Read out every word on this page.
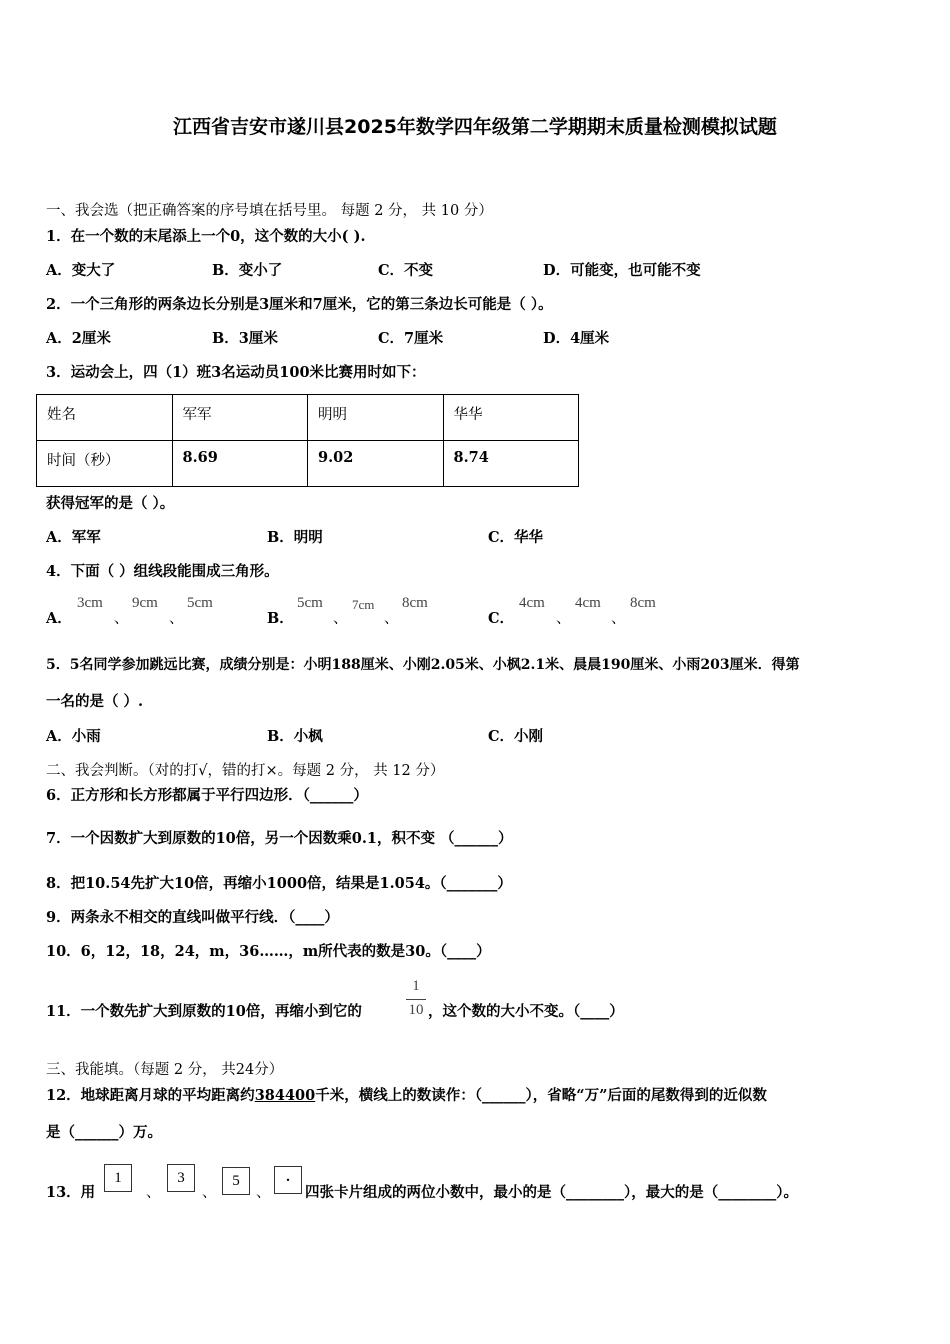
江西省吉安市遂川县2025年数学四年级第二学期期末质量检测模拟试题
一、我会选（把正确答案的序号填在括号里。 每题 2 分， 共 10 分）
1．在一个数的末尾添上一个0，这个数的大小( ).
A．变大了	B．变小了	C．不变	D．可能变，也可能不变
2．一个三角形的两条边长分别是3厘米和7厘米，它的第三条边长可能是（ ）。
A．2厘米	B．3厘米	C．7厘米	D．4厘米
3．运动会上，四（1）班3名运动员100米比赛用时如下：
姓名	军军	明明	华华
时间（秒）	8.69	9.02	8.74
获得冠军的是（ ）。
A．军军	B．明明	C．华华
4．下面（ ）组线段能围成三角形。
A．
3cm
、
9cm
、
5cm
B．
5cm
、
7cm
、
8cm
C．
4cm
、
4cm
、
8cm
5．5名同学参加跳远比赛，成绩分别是：小明188厘米、小刚2.05米、小枫2.1米、晨晨190厘米、小雨203厘米．得第
一名的是（ ）.
A．小雨	B．小枫	C．小刚
二、我会判断。（对的打√，错的打×。每题 2 分， 共 12 分）
6．正方形和长方形都属于平行四边形．（______）
7．一个因数扩大到原数的10倍，另一个因数乘0.1，积不变 （______）
8．把10.54先扩大10倍，再缩小1000倍，结果是1.054。（_______）
9．两条永不相交的直线叫做平行线．（____）
10．6，12，18，24，m，36……，m所代表的数是30。（____）
11．一个数先扩大到原数的10倍，再缩小到它的
1
10 ，这个数的大小不变。（____）
三、我能填。（每题 2 分， 共24分）
12．地球距离月球的平均距离约384400千米，横线上的数读作：（______），省略“万”后面的尾数得到的近似数
是（______）万。
13．用
1
、
3
、
5
、
.
四张卡片组成的两位小数中，最小的是（________），最大的是（________）。
